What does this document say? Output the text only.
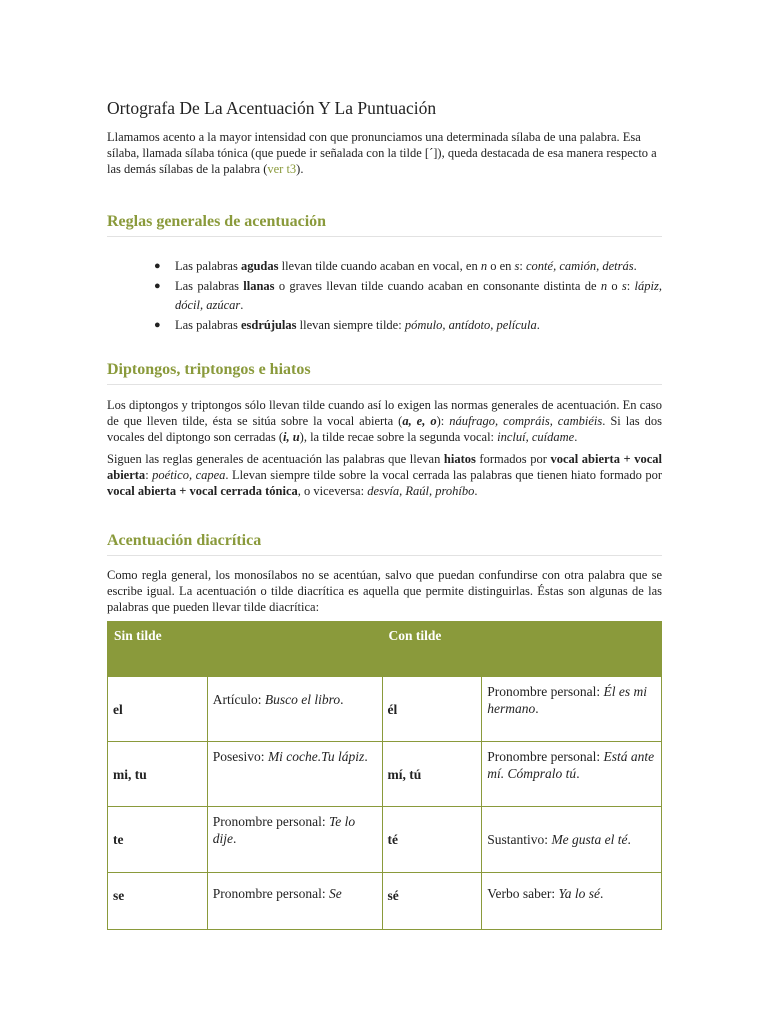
Ortografa De La Acentuación Y La Puntuación

Llamamos acento a la mayor intensidad con que pronunciamos una determinada sílaba de una palabra. Esa sílaba, llamada sílaba tónica (que puede ir señalada con la tilde [´]), queda destacada de esa manera respecto a las demás sílabas de la palabra (ver t3).

Reglas generales de acentuación
● Las palabras agudas llevan tilde cuando acaban en vocal, en n o en s: conté, camión, detrás.
● Las palabras llanas o graves llevan tilde cuando acaban en consonante distinta de n o s: lápiz, dócil, azúcar.
● Las palabras esdrújulas llevan siempre tilde: pómulo, antídoto, película.
Diptongos, triptongos e hiatos

Los diptongos y triptongos sólo llevan tilde cuando así lo exigen las normas generales de acentuación. En caso de que lleven tilde, ésta se sitúa sobre la vocal abierta (a, e, o): náufrago, compráis, cambiéis. Si las dos vocales del diptongo son cerradas (i, u), la tilde recae sobre la segunda vocal: incluí, cuídame.

Siguen las reglas generales de acentuación las palabras que llevan hiatos formados por vocal abierta + vocal abierta: poético, capea. Llevan siempre tilde sobre la vocal cerrada las palabras que tienen hiato formado por vocal abierta + vocal cerrada tónica, o viceversa: desvía, Raúl, prohíbo.

Acentuación diacrítica

Como regla general, los monosílabos no se acentúan, salvo que puedan confundirse con otra palabra que se escribe igual. La acentuación o tilde diacrítica es aquella que permite distinguirlas. Éstas son algunas de las palabras que pueden llevar tilde diacrítica:

Sin tilde		Con tilde	
el	Artículo: Busco el libro.	él	Pronombre personal: Él es mi hermano.
mi, tu	Posesivo: Mi coche.Tu lápiz.	mí, tú	Pronombre personal: Está ante mí. Cómpralo tú.
te	Pronombre personal: Te lo dije.	té	Sustantivo: Me gusta el té.
se	Pronombre personal: Se	sé	Verbo saber: Ya lo sé.
